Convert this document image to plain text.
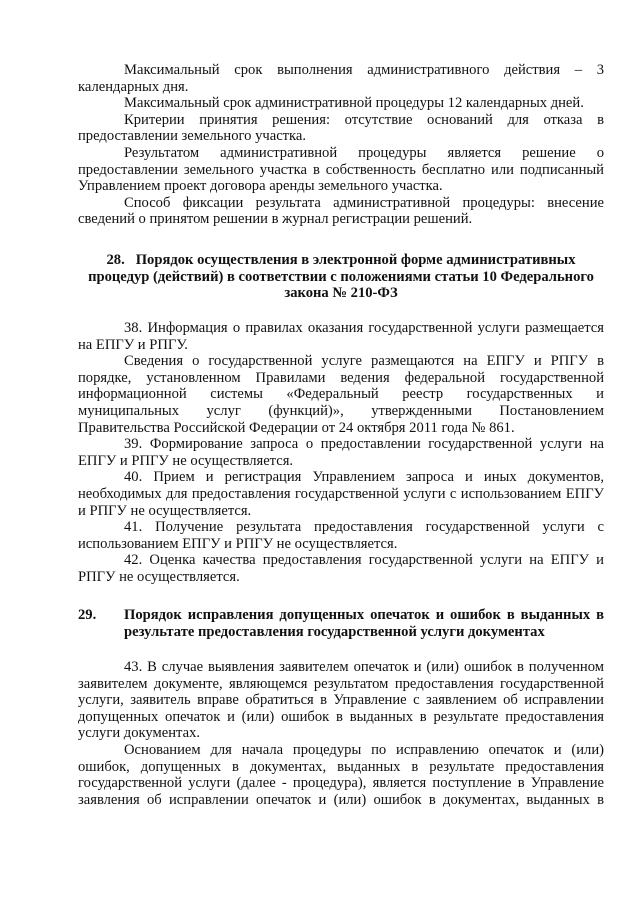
Максимальный срок выполнения административного действия – 3 календарных дня.

Максимальный срок административной процедуры 12 календарных дней.

Критерии принятия решения: отсутствие оснований для отказа в предоставлении земельного участка.

Результатом административной процедуры является решение о предоставлении земельного участка в собственность бесплатно или подписанный Управлением проект договора аренды земельного участка.

Способ фиксации результата административной процедуры: внесение сведений о принятом решении в журнал регистрации решений.

28.   Порядок осуществления в электронной форме административных процедур (действий) в соответствии с положениями статьи 10 Федерального закона № 210-ФЗ

38. Информация о правилах оказания государственной услуги размещается на ЕПГУ и РПГУ.

Сведения о государственной услуге размещаются на ЕПГУ и РПГУ в порядке, установленном Правилами ведения федеральной государственной информационной системы «Федеральный реестр государственных и муниципальных услуг (функций)», утвержденными Постановлением Правительства Российской Федерации от 24 октября 2011 года № 861.

39. Формирование запроса о предоставлении государственной услуги на ЕПГУ и РПГУ не осуществляется.

40. Прием и регистрация Управлением запроса и иных документов, необходимых для предоставления государственной услуги с использованием ЕПГУ и РПГУ не осуществляется.

41. Получение результата предоставления государственной услуги с использованием ЕПГУ и РПГУ не осуществляется.

42. Оценка качества предоставления государственной услуги на ЕПГУ и РПГУ не осуществляется.

29.	Порядок исправления допущенных опечаток и ошибок в выданных в результате предоставления государственной услуги документах

43. В случае выявления заявителем опечаток и (или) ошибок в полученном заявителем документе, являющемся результатом предоставления государственной услуги, заявитель вправе обратиться в Управление с заявлением об исправлении допущенных опечаток и (или) ошибок в выданных в результате предоставления услуги документах.

Основанием для начала процедуры по исправлению опечаток и (или) ошибок, допущенных в документах, выданных в результате предоставления государственной услуги (далее - процедура), является поступление в Управление заявления об исправлении опечаток и (или) ошибок в документах, выданных в
